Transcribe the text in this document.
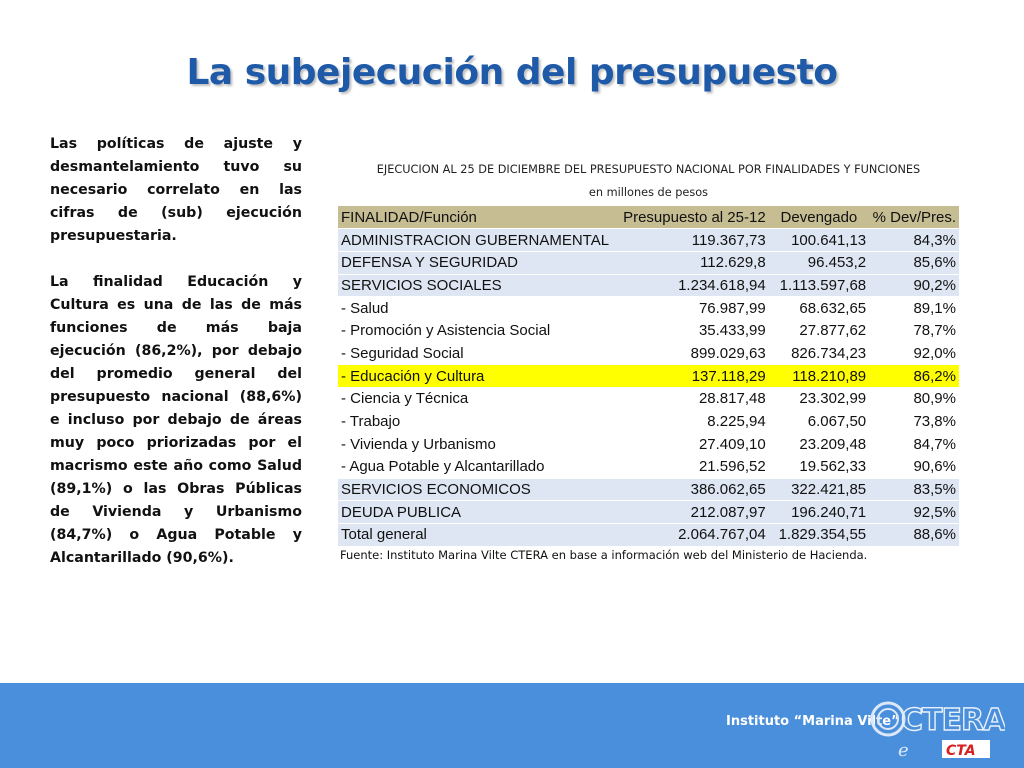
La subejecución del presupuesto

Las políticas de ajuste y desmantelamiento tuvo su necesario correlato en las cifras de (sub) ejecución presupuestaria.

La finalidad Educación y Cultura es una de las de más funciones de más baja ejecución (86,2%), por debajo del promedio general del presupuesto nacional (88,6%) e incluso por debajo de áreas muy poco priorizadas por el macrismo este año como Salud (89,1%) o las Obras Públicas de Vivienda y Urbanismo (84,7%) o Agua Potable y Alcantarillado (90,6%).

EJECUCION AL 25 DE DICIEMBRE DEL PRESUPUESTO NACIONAL POR FINALIDADES Y FUNCIONES
en millones de pesos
FINALIDAD/Función	Presupuesto al 25-12	Devengado	% Dev/Pres.
ADMINISTRACION GUBERNAMENTAL	119.367,73	100.641,13	84,3%
DEFENSA Y SEGURIDAD	112.629,8	96.453,2	85,6%
SERVICIOS SOCIALES	1.234.618,94	1.113.597,68	90,2%
- Salud	76.987,99	68.632,65	89,1%
- Promoción y Asistencia Social	35.433,99	27.877,62	78,7%
- Seguridad Social	899.029,63	826.734,23	92,0%
- Educación y Cultura	137.118,29	118.210,89	86,2%
- Ciencia y Técnica	28.817,48	23.302,99	80,9%
- Trabajo	8.225,94	6.067,50	73,8%
- Vivienda y Urbanismo	27.409,10	23.209,48	84,7%
- Agua Potable y Alcantarillado	21.596,52	19.562,33	90,6%
SERVICIOS ECONOMICOS	386.062,65	322.421,85	83,5%
DEUDA PUBLICA	212.087,97	196.240,71	92,5%
Total general	2.064.767,04	1.829.354,55	88,6%
Fuente: Instituto Marina Vilte CTERA en base a información web del Ministerio de Hacienda.
Instituto “Marina Vilte” CTERA
e	CTA
